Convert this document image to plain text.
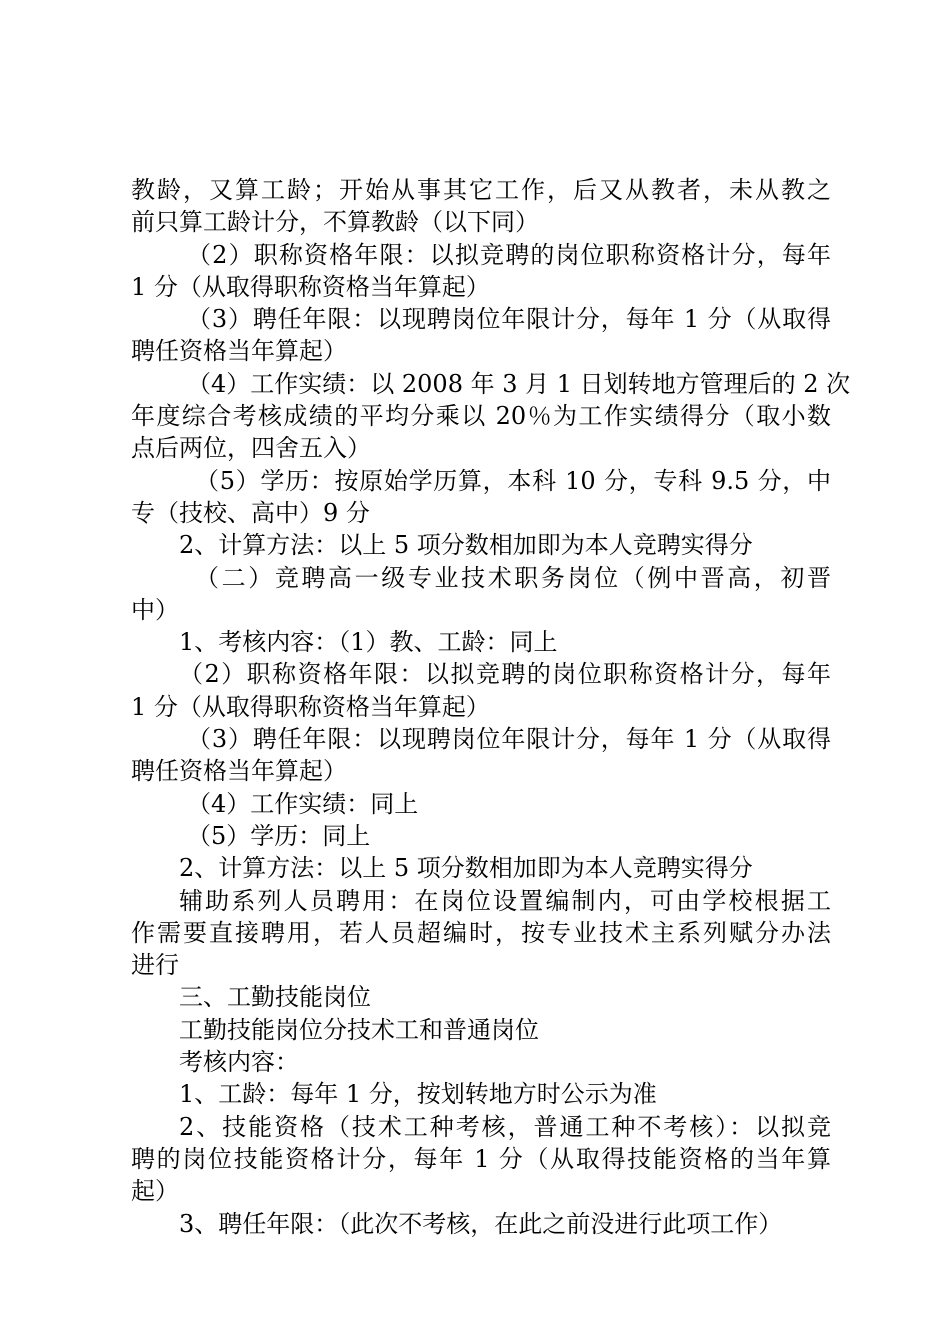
教龄，又算工龄；开始从事其它工作，后又从教者，未从教之
前只算工龄计分，不算教龄（以下同）
（2）职称资格年限：以拟竞聘的岗位职称资格计分，每年
1 分（从取得职称资格当年算起）
（3）聘任年限：以现聘岗位年限计分，每年 1 分（从取得
聘任资格当年算起）
（4）工作实绩：以 2008 年 3 月 1 日划转地方管理后的 2 次
年度综合考核成绩的平均分乘以 20％为工作实绩得分（取小数
点后两位，四舍五入）
（5）学历：按原始学历算，本科 10 分，专科 9.5 分，中
专（技校、高中）9 分
2、计算方法：以上 5 项分数相加即为本人竞聘实得分
（二）竞聘高一级专业技术职务岗位（例中晋高，初晋
中）
1、考核内容：（1）教、工龄：同上
（2）职称资格年限：以拟竞聘的岗位职称资格计分，每年
1 分（从取得职称资格当年算起）
（3）聘任年限：以现聘岗位年限计分，每年 1 分（从取得
聘任资格当年算起）
（4）工作实绩：同上
（5）学历：同上
2、计算方法：以上 5 项分数相加即为本人竞聘实得分
辅助系列人员聘用：在岗位设置编制内，可由学校根据工
作需要直接聘用，若人员超编时，按专业技术主系列赋分办法
进行
三、工勤技能岗位
工勤技能岗位分技术工和普通岗位
考核内容：
1、工龄：每年 1 分，按划转地方时公示为准
2、技能资格（技术工种考核，普通工种不考核）：以拟竞
聘的岗位技能资格计分，每年 1 分（从取得技能资格的当年算
起）
3、聘任年限：（此次不考核，在此之前没进行此项工作）
